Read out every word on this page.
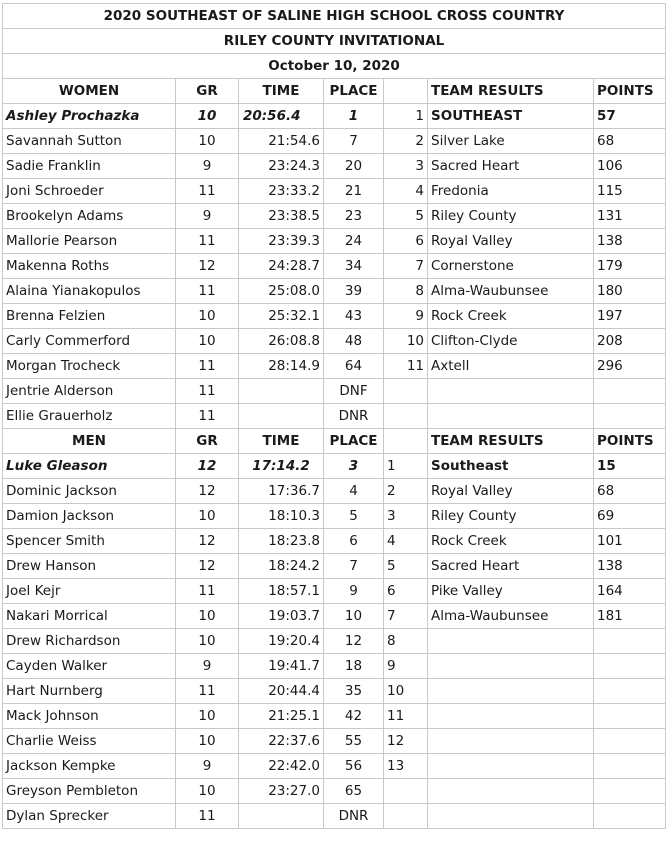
2020 SOUTHEAST OF SALINE HIGH SCHOOL CROSS COUNTRY						
RILEY COUNTY INVITATIONAL						
October 10, 2020						
WOMEN	GR	TIME	PLACE		TEAM RESULTS	POINTS
Ashley Prochazka	10	20:56.4	1	1	SOUTHEAST	57
Savannah Sutton	10	21:54.6	7	2	Silver Lake	68
Sadie Franklin	9	23:24.3	20	3	Sacred Heart	106
Joni Schroeder	11	23:33.2	21	4	Fredonia	115
Brookelyn Adams	9	23:38.5	23	5	Riley County	131
Mallorie Pearson	11	23:39.3	24	6	Royal Valley	138
Makenna Roths	12	24:28.7	34	7	Cornerstone	179
Alaina Yianakopulos	11	25:08.0	39	8	Alma-Waubunsee	180
Brenna Felzien	10	25:32.1	43	9	Rock Creek	197
Carly Commerford	10	26:08.8	48	10	Clifton-Clyde	208
Morgan Trocheck	11	28:14.9	64	11	Axtell	296
Jentrie Alderson	11		DNF			
Ellie Grauerholz	11		DNR			
MEN	GR	TIME	PLACE		TEAM RESULTS	POINTS
Luke Gleason	12	17:14.2	3	1	Southeast	15
Dominic Jackson	12	17:36.7	4	2	Royal Valley	68
Damion Jackson	10	18:10.3	5	3	Riley County	69
Spencer Smith	12	18:23.8	6	4	Rock Creek	101
Drew Hanson	12	18:24.2	7	5	Sacred Heart	138
Joel Kejr	11	18:57.1	9	6	Pike Valley	164
Nakari Morrical	10	19:03.7	10	7	Alma-Waubunsee	181
Drew Richardson	10	19:20.4	12	8		
Cayden Walker	9	19:41.7	18	9		
Hart Nurnberg	11	20:44.4	35	10		
Mack Johnson	10	21:25.1	42	11		
Charlie Weiss	10	22:37.6	55	12		
Jackson Kempke	9	22:42.0	56	13		
Greyson Pembleton	10	23:27.0	65			
Dylan Sprecker	11		DNR			
